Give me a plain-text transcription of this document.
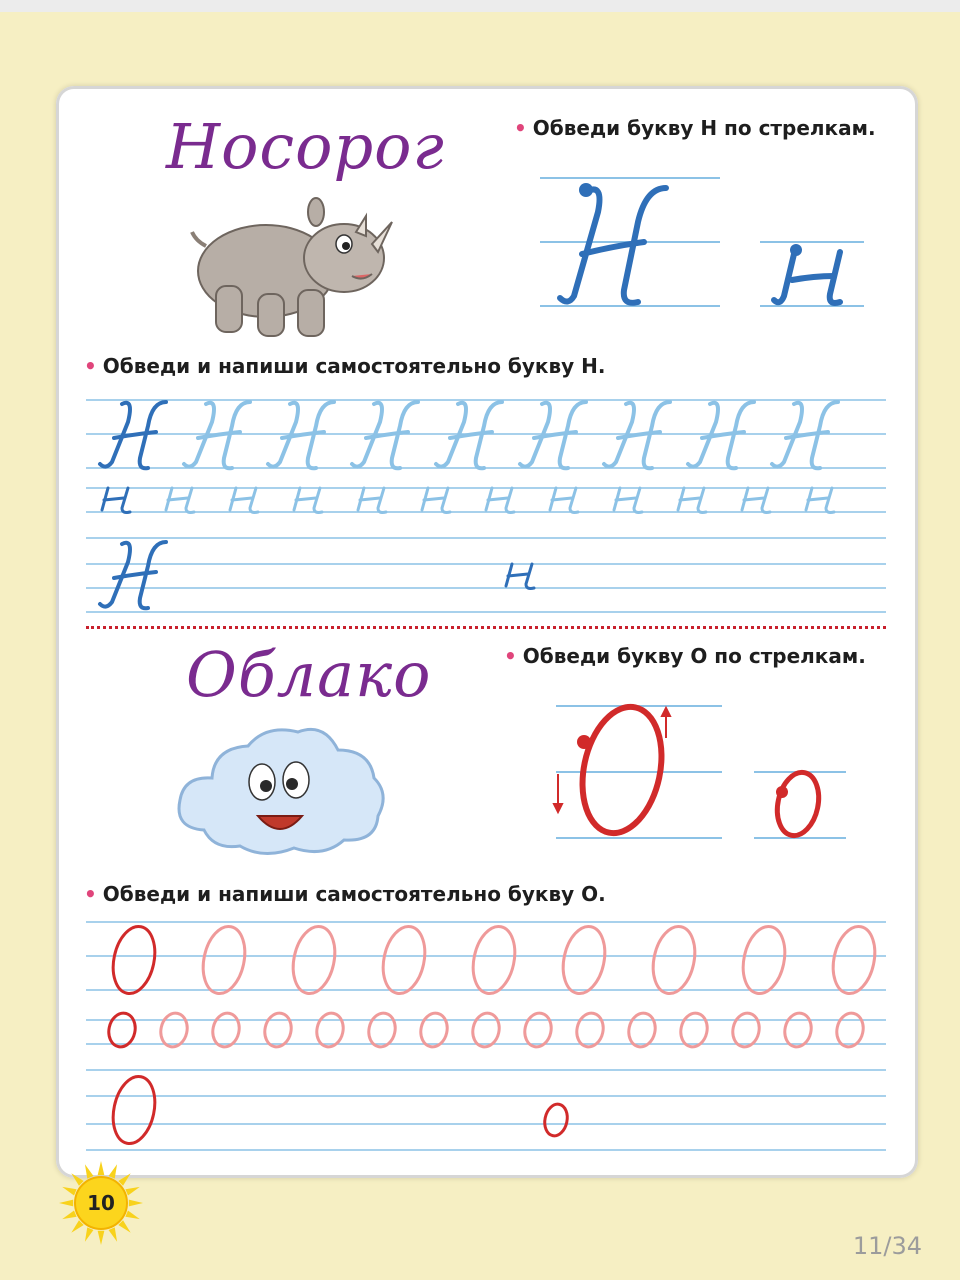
Носорог	• Обведи букву Н по стрелкам.

• Обведи и напиши самостоятельно букву Н.

Облако	• Обведи букву О по стрелкам.

• Обведи и напиши самостоятельно букву О.

10
11/34
